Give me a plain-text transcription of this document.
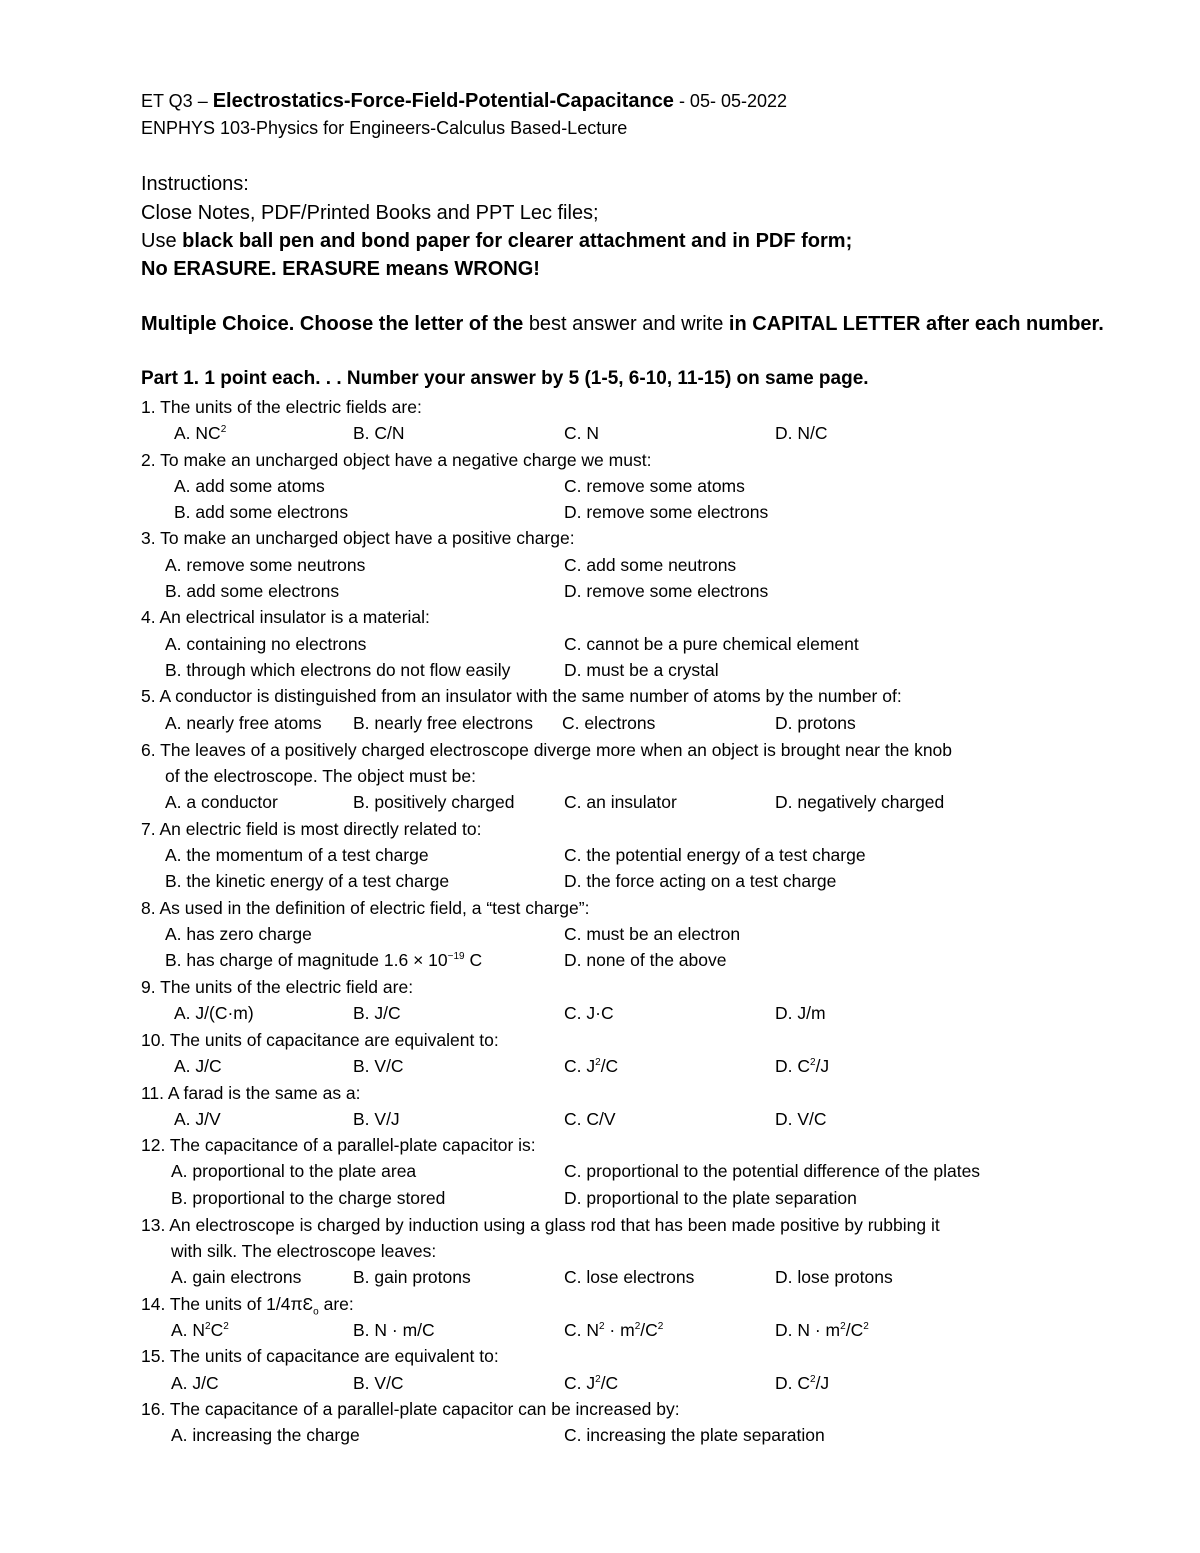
ET Q3 – Electrostatics-Force-Field-Potential-Capacitance - 05- 05-2022
ENPHYS 103-Physics for Engineers-Calculus Based-Lecture
Instructions:
Close Notes, PDF/Printed Books and PPT Lec files;
Use black ball pen and bond paper for clearer attachment and in PDF form;
No ERASURE. ERASURE means WRONG!
Multiple Choice. Choose the letter of the best answer and write in CAPITAL LETTER after each number.
Part 1. 1 point each. . . Number your answer by 5 (1-5, 6-10, 11-15) on same page.
1. The units of the electric fields are:
A. $NC^2$	B. C/N	C. N	D. N/C
2. To make an uncharged object have a negative charge we must:
A. add some atoms	C. remove some atoms
B. add some electrons	D. remove some electrons
3. To make an uncharged object have a positive charge:
A. remove some neutrons	C. add some neutrons
B. add some electrons	D. remove some electrons
4. An electrical insulator is a material:
A. containing no electrons	C. cannot be a pure chemical element
B. through which electrons do not flow easily	D. must be a crystal
5. A conductor is distinguished from an insulator with the same number of atoms by the number of:
A. nearly free atoms B. nearly free electrons C. electrons	D. protons
6. The leaves of a positively charged electroscope diverge more when an object is brought near the knob
of the electroscope. The object must be:
A. a conductor	B. positively charged	C. an insulator	D. negatively charged
7. An electric field is most directly related to:
A. the momentum of a test charge	C. the potential energy of a test charge
B. the kinetic energy of a test charge	D. the force acting on a test charge
8. As used in the definition of electric field, a “test charge”:
A. has zero charge	C. must be an electron
B. has charge of magnitude $1.6 \times 10^{-19}$ C	D. none of the above
9. The units of the electric field are:
A. J/(C·m)	B. J/C	C. J·C	D. J/m
10. The units of capacitance are equivalent to:
A. J/C	B. V/C	C. $J^2/C$	D. $C^2/J$
11. A farad is the same as a:
A. J/V	B. V/J	C. C/V	D. V/C
12. The capacitance of a parallel-plate capacitor is:
A. proportional to the plate area	C. proportional to the potential difference of the plates
B. proportional to the charge stored	D. proportional to the plate separation
13. An electroscope is charged by induction using a glass rod that has been made positive by rubbing it
with silk. The electroscope leaves:
A. gain electrons	B. gain protons	C. lose electrons	D. lose protons
14. The units of $1/4\pi Ɛ_o$ are:
A. $N^2C^2$	B. N · m/C	C. $N^2 \cdot m^2/C^2$	D. $N \cdot m^2/C^2$
15. The units of capacitance are equivalent to:
A. J/C	B. V/C	C. $J^2/C$	D. $C^2/J$
16. The capacitance of a parallel-plate capacitor can be increased by:
A. increasing the charge	C. increasing the plate separation
